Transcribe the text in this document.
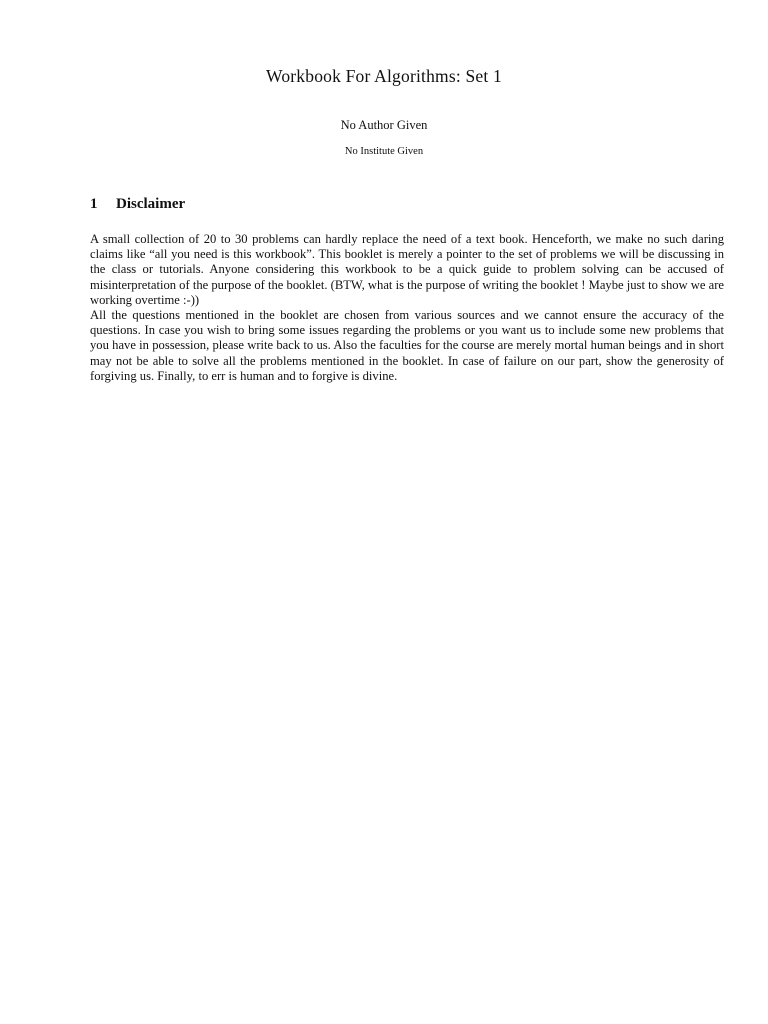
Workbook For Algorithms: Set 1
No Author Given
No Institute Given
1 Disclaimer

A small collection of 20 to 30 problems can hardly replace the need of a text book. Henceforth, we make no such daring claims like “all you need is this workbook”. This booklet is merely a pointer to the set of problems we will be discussing in the class or tutorials. Anyone considering this workbook to be a quick guide to problem solving can be accused of misinterpretation of the purpose of the booklet. (BTW, what is the purpose of writing the booklet ! Maybe just to show we are working overtime :-))

All the questions mentioned in the booklet are chosen from various sources and we cannot ensure the accuracy of the questions. In case you wish to bring some issues regarding the problems or you want us to include some new problems that you have in possession, please write back to us. Also the faculties for the course are merely mortal human beings and in short may not be able to solve all the problems mentioned in the booklet. In case of failure on our part, show the generosity of forgiving us. Finally, to err is human and to forgive is divine.
